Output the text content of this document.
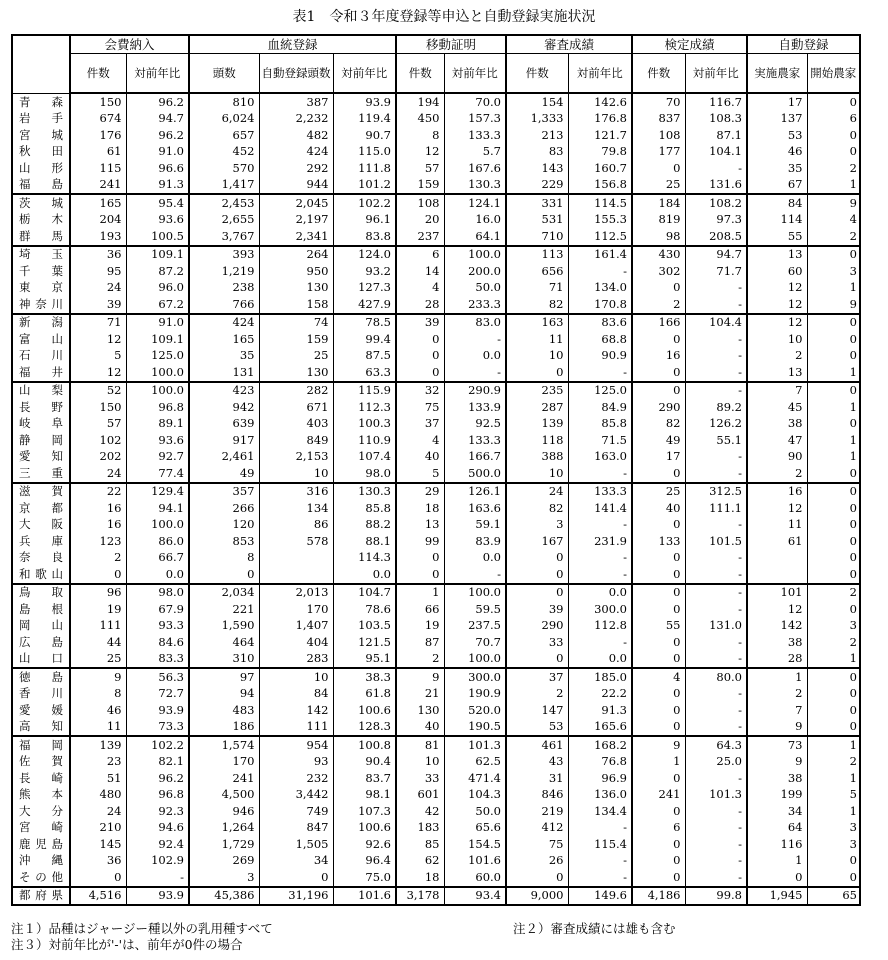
表1　令和３年度登録等申込と自動登録実施状況
	会費納入		血統登録			移動証明		審査成績		検定成績		自動登録	
	件数	対前年比	頭数	自動登録頭数	対前年比	件数	対前年比	件数	対前年比	件数	対前年比	実施農家	開始農家
青　森	150	96.2	810	387	93.9	194	70.0	154	142.6	70	116.7	17	0
岩　手	674	94.7	6,024	2,232	119.4	450	157.3	1,333	176.8	837	108.3	137	6
宮　城	176	96.2	657	482	90.7	8	133.3	213	121.7	108	87.1	53	0
秋　田	61	91.0	452	424	115.0	12	5.7	83	79.8	177	104.1	46	0
山　形	115	96.6	570	292	111.8	57	167.6	143	160.7	0	-	35	2
福　島	241	91.3	1,417	944	101.2	159	130.3	229	156.8	25	131.6	67	1
茨　城	165	95.4	2,453	2,045	102.2	108	124.1	331	114.5	184	108.2	84	9
栃　木	204	93.6	2,655	2,197	96.1	20	16.0	531	155.3	819	97.3	114	4
群　馬	193	100.5	3,767	2,341	83.8	237	64.1	710	112.5	98	208.5	55	2
埼　玉	36	109.1	393	264	124.0	6	100.0	113	161.4	430	94.7	13	0
千　葉	95	87.2	1,219	950	93.2	14	200.0	656	-	302	71.7	60	3
東　京	24	96.0	238	130	127.3	4	50.0	71	134.0	0	-	12	1
神奈川	39	67.2	766	158	427.9	28	233.3	82	170.8	2	-	12	9
新　潟	71	91.0	424	74	78.5	39	83.0	163	83.6	166	104.4	12	0
富　山	12	109.1	165	159	99.4	0	-	11	68.8	0	-	10	0
石　川	5	125.0	35	25	87.5	0	0.0	10	90.9	16	-	2	0
福　井	12	100.0	131	130	63.3	0	-	0	-	0	-	13	1
山　梨	52	100.0	423	282	115.9	32	290.9	235	125.0	0	-	7	0
長　野	150	96.8	942	671	112.3	75	133.9	287	84.9	290	89.2	45	1
岐　阜	57	89.1	639	403	100.3	37	92.5	139	85.8	82	126.2	38	0
静　岡	102	93.6	917	849	110.9	4	133.3	118	71.5	49	55.1	47	1
愛　知	202	92.7	2,461	2,153	107.4	40	166.7	388	163.0	17	-	90	1
三　重	24	77.4	49	10	98.0	5	500.0	10	-	0	-	2	0
滋　賀	22	129.4	357	316	130.3	29	126.1	24	133.3	25	312.5	16	0
京　都	16	94.1	266	134	85.8	18	163.6	82	141.4	40	111.1	12	0
大　阪	16	100.0	120	86	88.2	13	59.1	3	-	0	-	11	0
兵　庫	123	86.0	853	578	88.1	99	83.9	167	231.9	133	101.5	61	0
奈　良	2	66.7	8		114.3	0	0.0	0	-	0	-		0
和歌山	0	0.0	0		0.0	0	-	0	-	0	-		0
鳥　取	96	98.0	2,034	2,013	104.7	1	100.0	0	0.0	0	-	101	2
島　根	19	67.9	221	170	78.6	66	59.5	39	300.0	0	-	12	0
岡　山	111	93.3	1,590	1,407	103.5	19	237.5	290	112.8	55	131.0	142	3
広　島	44	84.6	464	404	121.5	87	70.7	33	-	0	-	38	2
山　口	25	83.3	310	283	95.1	2	100.0	0	0.0	0	-	28	1
徳　島	9	56.3	97	10	38.3	9	300.0	37	185.0	4	80.0	1	0
香　川	8	72.7	94	84	61.8	21	190.9	2	22.2	0	-	2	0
愛　媛	46	93.9	483	142	100.6	130	520.0	147	91.3	0	-	7	0
高　知	11	73.3	186	111	128.3	40	190.5	53	165.6	0	-	9	0
福　岡	139	102.2	1,574	954	100.8	81	101.3	461	168.2	9	64.3	73	1
佐　賀	23	82.1	170	93	90.4	10	62.5	43	76.8	1	25.0	9	2
長　崎	51	96.2	241	232	83.7	33	471.4	31	96.9	0	-	38	1
熊　本	480	96.8	4,500	3,442	98.1	601	104.3	846	136.0	241	101.3	199	5
大　分	24	92.3	946	749	107.3	42	50.0	219	134.4	0	-	34	1
宮　崎	210	94.6	1,264	847	100.6	183	65.6	412	-	6	-	64	3
鹿児島	145	92.4	1,729	1,505	92.6	85	154.5	75	115.4	0	-	116	3
沖　縄	36	102.9	269	34	96.4	62	101.6	26	-	0	-	1	0
その他	0	-	3	0	75.0	18	60.0	0	-	0	-	0	0
都府県	4,516	93.9	45,386	31,196	101.6	3,178	93.4	9,000	149.6	4,186	99.8	1,945	65
注１）品種はジャージー種以外の乳用種すべて	注２）審査成績には雄も含む
注３）対前年比が'-'は、前年が0件の場合
